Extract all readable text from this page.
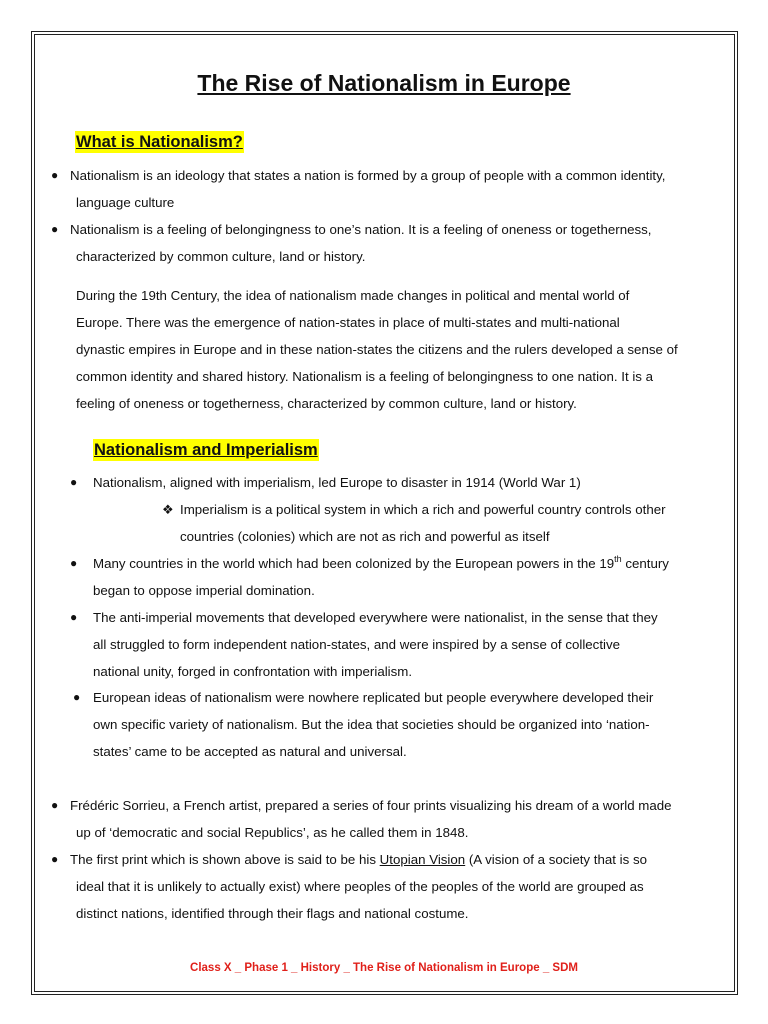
The Rise of Nationalism in Europe
What is Nationalism?
● Nationalism is an ideology that states a nation is formed by a group of people with a common identity,
language culture
● Nationalism is a feeling of belongingness to one’s nation. It is a feeling of oneness or togetherness,
characterized by common culture, land or history.
During the 19th Century, the idea of nationalism made changes in political and mental world of
Europe. There was the emergence of nation-states in place of multi-states and multi-national
dynastic empires in Europe and in these nation-states the citizens and the rulers developed a sense of
common identity and shared history. Nationalism is a feeling of belongingness to one nation. It is a
feeling of oneness or togetherness, characterized by common culture, land or history.
Nationalism and Imperialism
● Nationalism, aligned with imperialism, led Europe to disaster in 1914 (World War 1)
❖ Imperialism is a political system in which a rich and powerful country controls other
countries (colonies) which are not as rich and powerful as itself
● Many countries in the world which had been colonized by the European powers in the 19th century
began to oppose imperial domination.
● The anti-imperial movements that developed everywhere were nationalist, in the sense that they
all struggled to form independent nation-states, and were inspired by a sense of collective
national unity, forged in confrontation with imperialism.
● European ideas of nationalism were nowhere replicated but people everywhere developed their
own specific variety of nationalism. But the idea that societies should be organized into ‘nation-
states’ came to be accepted as natural and universal.
● Frédéric Sorrieu, a French artist, prepared a series of four prints visualizing his dream of a world made
up of ‘democratic and social Republics’, as he called them in 1848.
● The first print which is shown above is said to be his Utopian Vision (A vision of a society that is so
ideal that it is unlikely to actually exist) where peoples of the peoples of the world are grouped as
distinct nations, identified through their flags and national costume.
Class X _ Phase 1 _ History _ The Rise of Nationalism in Europe _ SDM
